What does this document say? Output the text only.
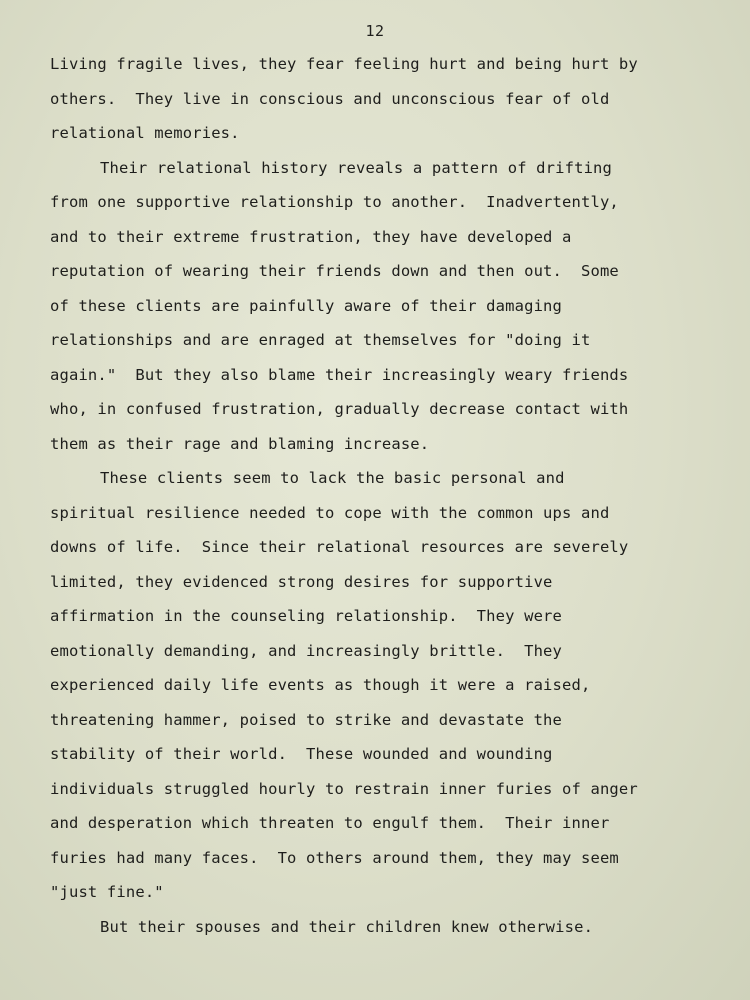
12
Living fragile lives, they fear feeling hurt and being hurt by
others.  They live in conscious and unconscious fear of old
relational memories.
Their relational history reveals a pattern of drifting
from one supportive relationship to another.  Inadvertently,
and to their extreme frustration, they have developed a
reputation of wearing their friends down and then out.  Some
of these clients are painfully aware of their damaging
relationships and are enraged at themselves for "doing it
again."  But they also blame their increasingly weary friends
who, in confused frustration, gradually decrease contact with
them as their rage and blaming increase.
These clients seem to lack the basic personal and
spiritual resilience needed to cope with the common ups and
downs of life.  Since their relational resources are severely
limited, they evidenced strong desires for supportive
affirmation in the counseling relationship.  They were
emotionally demanding, and increasingly brittle.  They
experienced daily life events as though it were a raised,
threatening hammer, poised to strike and devastate the
stability of their world.  These wounded and wounding
individuals struggled hourly to restrain inner furies of anger
and desperation which threaten to engulf them.  Their inner
furies had many faces.  To others around them, they may seem
"just fine."
But their spouses and their children knew otherwise.
